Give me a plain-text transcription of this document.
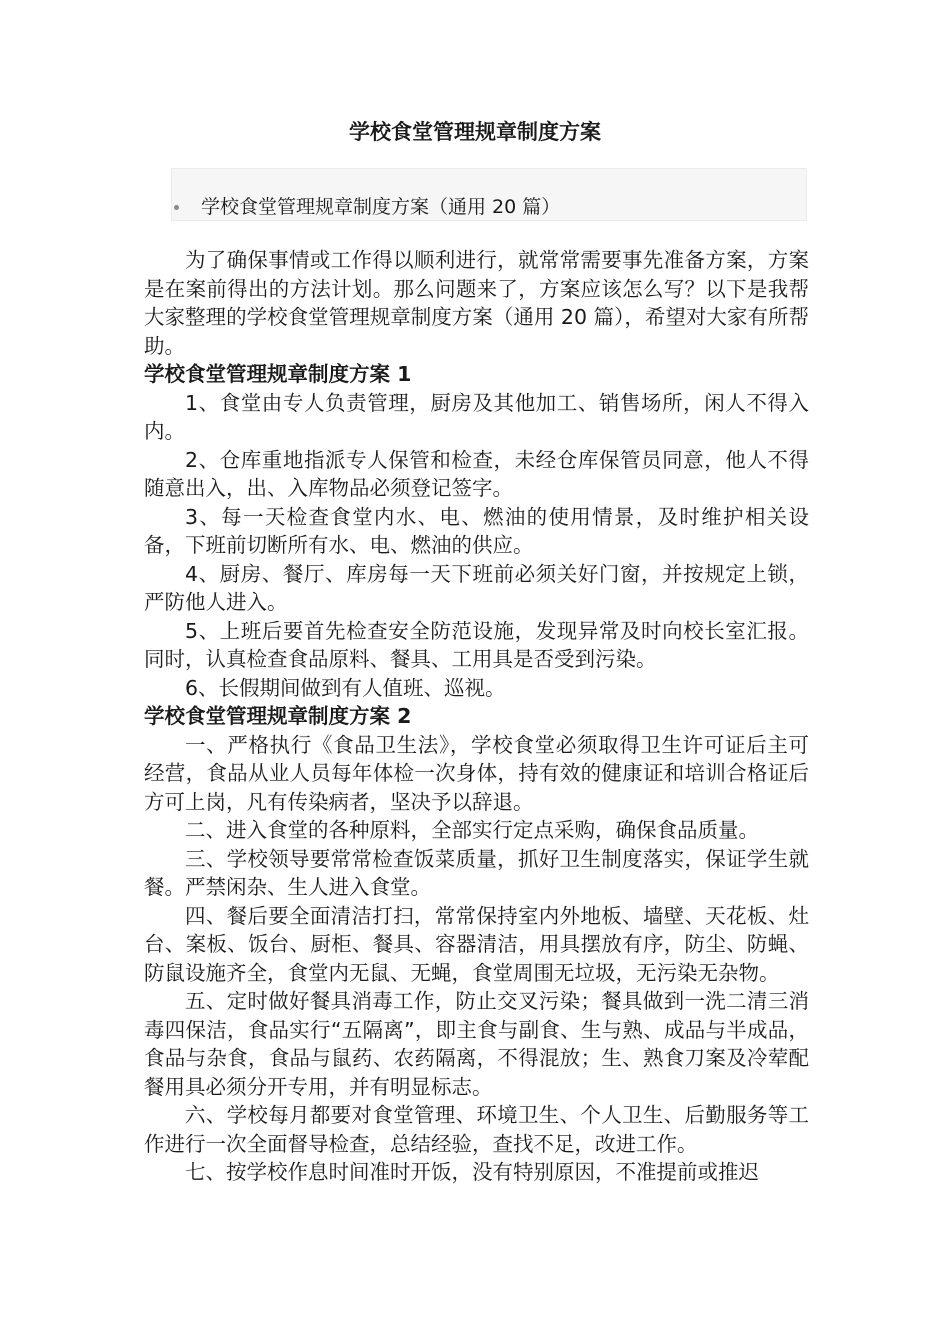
学校食堂管理规章制度方案
学校食堂管理规章制度方案（通用 20 篇）

为了确保事情或工作得以顺利进行，就常常需要事先准备方案，方案是在案前得出的方法计划。那么问题来了，方案应该怎么写？以下是我帮大家整理的学校食堂管理规章制度方案（通用 20 篇），希望对大家有所帮助。

学校食堂管理规章制度方案 1

1、食堂由专人负责管理，厨房及其他加工、销售场所，闲人不得入内。

2、仓库重地指派专人保管和检查，未经仓库保管员同意，他人不得随意出入，出、入库物品必须登记签字。

3、每一天检查食堂内水、电、燃油的使用情景，及时维护相关设备，下班前切断所有水、电、燃油的供应。

4、厨房、餐厅、库房每一天下班前必须关好门窗，并按规定上锁，严防他人进入。

5、上班后要首先检查安全防范设施，发现异常及时向校长室汇报。同时，认真检查食品原料、餐具、工用具是否受到污染。

6、长假期间做到有人值班、巡视。

学校食堂管理规章制度方案 2

一、严格执行《食品卫生法》，学校食堂必须取得卫生许可证后主可经营，食品从业人员每年体检一次身体，持有效的健康证和培训合格证后方可上岗，凡有传染病者，坚决予以辞退。

二、进入食堂的各种原料，全部实行定点采购，确保食品质量。

三、学校领导要常常检查饭菜质量，抓好卫生制度落实，保证学生就餐。严禁闲杂、生人进入食堂。

四、餐后要全面清洁打扫，常常保持室内外地板、墙壁、天花板、灶台、案板、饭台、厨柜、餐具、容器清洁，用具摆放有序，防尘、防蝇、防鼠设施齐全，食堂内无鼠、无蝇，食堂周围无垃圾，无污染无杂物。

五、定时做好餐具消毒工作，防止交叉污染；餐具做到一洗二清三消毒四保洁，食品实行“五隔离”，即主食与副食、生与熟、成品与半成品，食品与杂食，食品与鼠药、农药隔离，不得混放；生、熟食刀案及冷荤配餐用具必须分开专用，并有明显标志。

六、学校每月都要对食堂管理、环境卫生、个人卫生、后勤服务等工作进行一次全面督导检查，总结经验，查找不足，改进工作。

七、按学校作息时间准时开饭，没有特别原因，不准提前或推迟
